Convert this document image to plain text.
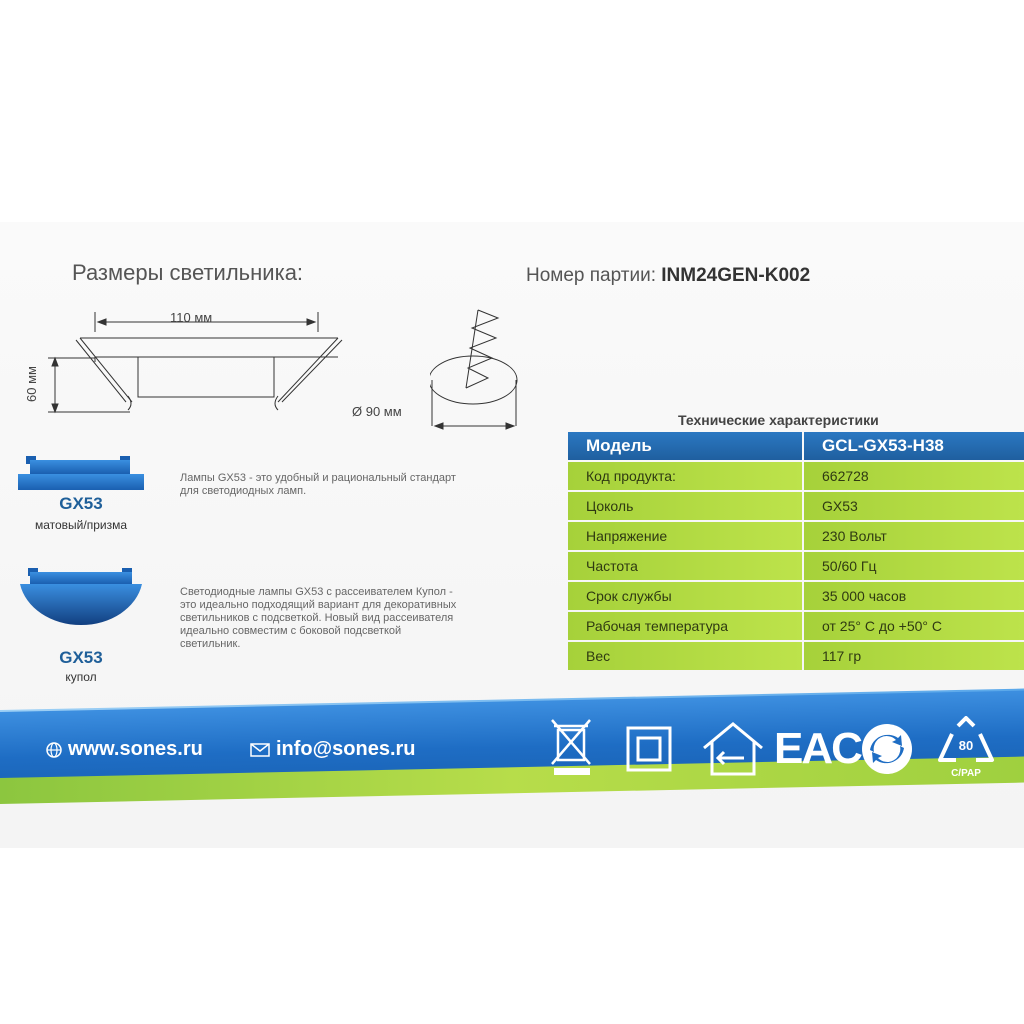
Размеры светильника:	Номер партии: INM24GEN-K002
110 мм
60 мм
Ø 90 мм
GX53
матовый/призма
Лампы GX53 - это удобный и рациональный стандарт
для светодиодных ламп.
GX53
купол
Светодиодные лампы GX53 с рассеивателем Купол -
это идеально подходящий вариант для декоративных
светильников с подсветкой. Новый вид рассеивателя
идеально совместим с боковой подсветкой
светильник.
Технические характеристики
Модель	GCL-GX53-H38
Код продукта:	662728
Цоколь	GX53
Напряжение	230 Вольт
Частота	50/60 Гц
Срок службы	35 000 часов
Рабочая температура	от 25° С до +50° С
Вес	117 гр
www.sones.ru	info@sones.ru	EAC	80
C/PAP
